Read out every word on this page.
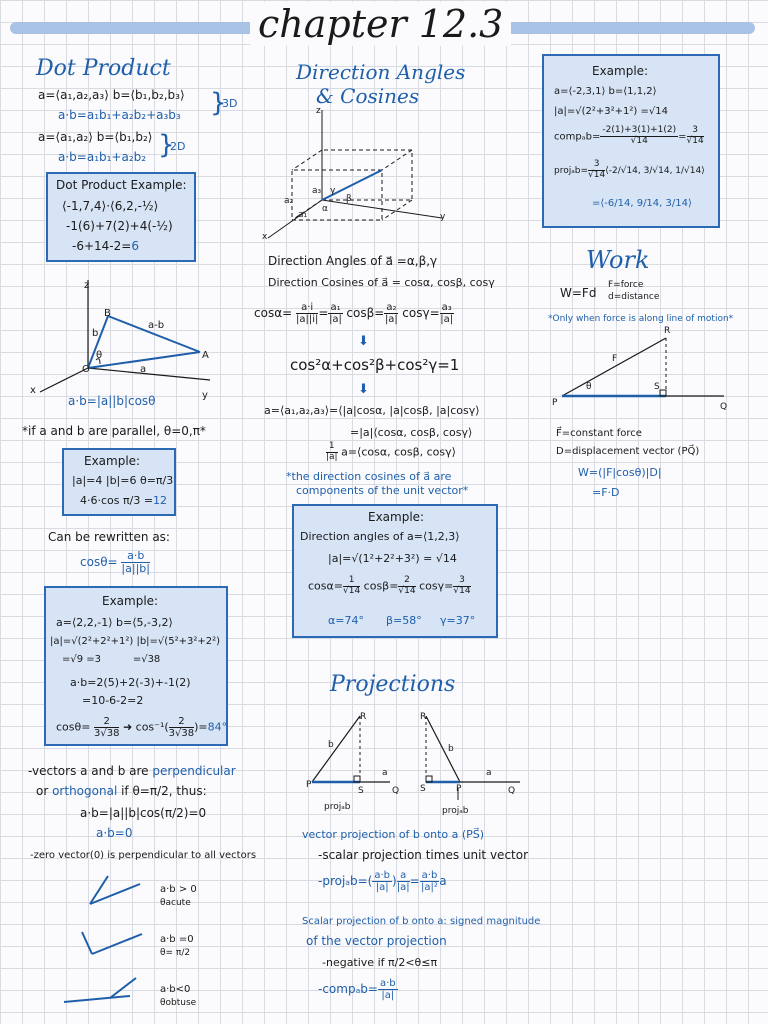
chapter 12.3
Dot Product
a=⟨a₁,a₂,a₃⟩ b=⟨b₁,b₂,b₃⟩
a·b=a₁b₁+a₂b₂+a₃b₃ }
3D
a=⟨a₁,a₂⟩ b=⟨b₁,b₂⟩
a·b=a₁b₁+a₂b₂ }
2D
Dot Product Example:
⟨-1,7,4⟩·⟨6,2,-½⟩
-1(6)+7(2)+4(-½)
-6+14-2=6
z
B
b
a-b
θ
O	a
A
x	y
a·b=|a||b|cosθ
*if a and b are parallel, θ=0,π*
Example:
|a|=4 |b|=6 θ=π/3
4·6·cos π/3 =12
Can be rewritten as:
$\cos\theta= \frac{a\cdot b}{|a||b|}$
Example:
a=⟨2,2,-1⟩ b=⟨5,-3,2⟩
|a|=√(2²+2²+1²) |b|=√(5²+3²+2²)
=√9 =3          =√38
a·b=2(5)+2(-3)+-1(2)
=10-6-2=2
$\cos\theta= \frac{2}{3√38}$ ➜ $\cos^{-1}( \frac{2}{3√38} )=84^\circ$
-vectors a and b are perpendicular
or orthogonal if θ=π/2, thus:
a·b=|a||b|cos(π/2)=0
a·b=0
-zero vector(0) is perpendicular to all vectors
a·b > 0
θacute
a·b =0
θ= π/2
a·b<0
θobtuse
Direction Angles
& Cosines
z
x
y
a₃
a₂
a₁
α
β
γ
Direction Angles of a⃗ =α,β,γ
Direction Cosines of a⃗ = cosα, cosβ, cosγ
$\cos\alpha= \frac{a\cdot i}{|a||i|} = \frac{\text{a₁}}{|a|} \cos\beta= \frac{\text{a₂}}{|a|} \cos\gamma= \frac{\text{a₃}}{|a|}$
⬇
cos²α+cos²β+cos²γ=1
⬇
a=⟨a₁,a₂,a₃⟩=⟨|a|cosα, |a|cosβ, |a|cosγ⟩
=|a|⟨cosα, cosβ, cosγ⟩
$\frac{1}{|a|}$ a=⟨cosα, cosβ, cosγ⟩
*the direction cosines of a⃗ are
components of the unit vector*
Example:
Direction angles of a=⟨1,2,3⟩
|a|=√(1²+2²+3²) = √14
$\cos\alpha= \frac{1}{√14} \cos\beta= \frac{2}{√14} \cos\gamma= \frac{3}{√14}$
α=74° β=58° γ=37°
Projections
R
b
P
S
a
Q
projₐb
R
b
S	P
a
Q
projₐb
vector projection of b onto a (PS⃗)
-scalar projection times unit vector
-projₐb=( $\frac{a\cdot b}{|a|}$ ) $\frac{a}{|a|} = \frac{a\cdot b}{\text{|a|²}}$ a
Scalar projection of b onto a: signed magnitude
of the vector projection
-negative if π/2<θ≤π
-compₐb= $\frac{a\cdot b}{|a|}$
Example:
a=⟨-2,3,1⟩ b=⟨1,1,2⟩
|a|=√(2²+3²+1²) =√14
compₐb= $\frac{-2(1)+3(1)+1(2)}{√14} = \frac{3}{√14}$
projₐb= $\frac{3}{√14}$ ⟨-2/√14, 3/√14, 1/√14⟩
=⟨-6/14, 9/14, 3/14⟩
Work
W=Fd
F=force
d=distance
*Only when force is along line of motion*
R
F
θ	S
P	Q
F⃗=constant force
D=displacement vector (PQ⃗)
W=(|F|cosθ)|D|
=F·D
